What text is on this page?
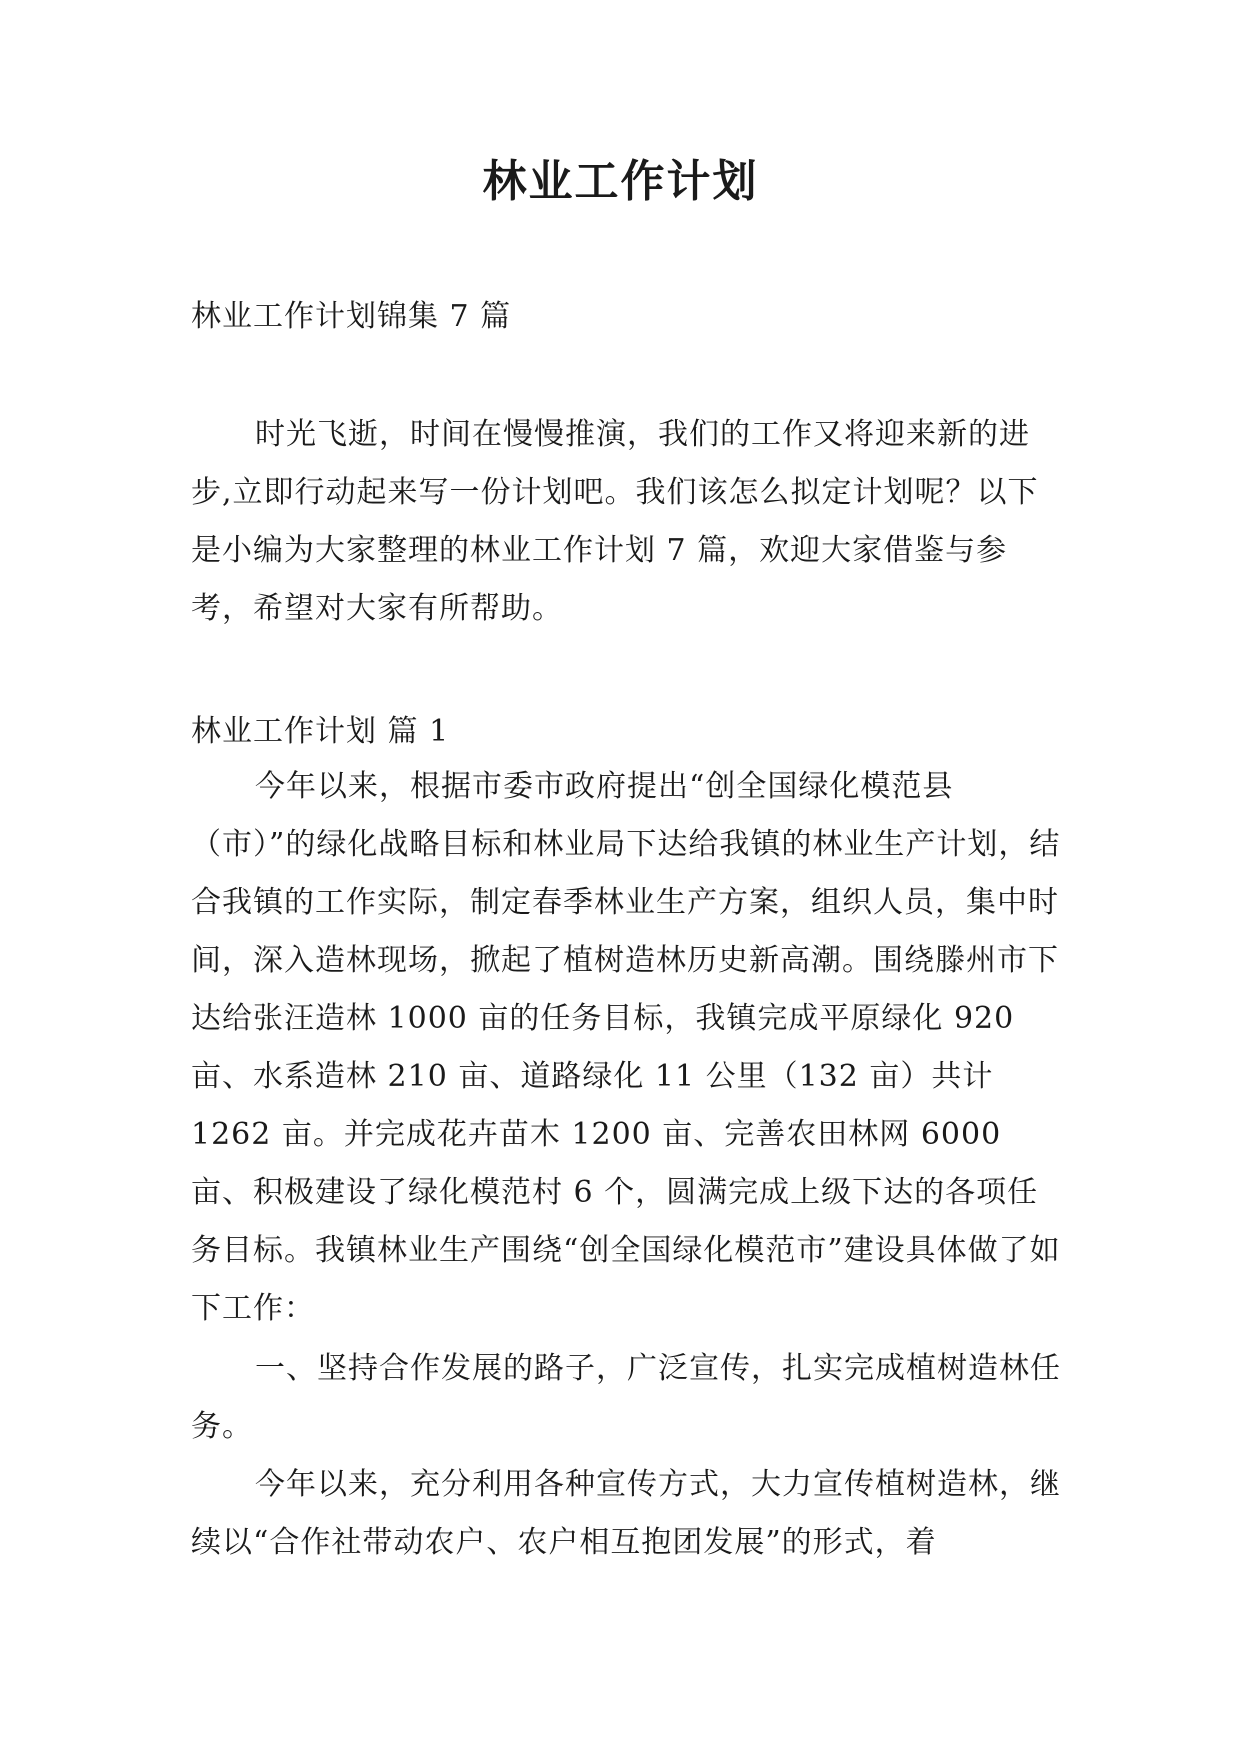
林业工作计划
林业工作计划锦集 7 篇
时光飞逝，时间在慢慢推演，我们的工作又将迎来新的进步,立即行动起来写一份计划吧。我们该怎么拟定计划呢？以下是小编为大家整理的林业工作计划 7 篇，欢迎大家借鉴与参考，希望对大家有所帮助。
林业工作计划 篇 1
今年以来，根据市委市政府提出“创全国绿化模范县（市）”的绿化战略目标和林业局下达给我镇的林业生产计划，结合我镇的工作实际，制定春季林业生产方案，组织人员，集中时间，深入造林现场，掀起了植树造林历史新高潮。围绕滕州市下达给张汪造林 1000 亩的任务目标，我镇完成平原绿化 920 亩、水系造林 210 亩、道路绿化 11 公里（132 亩）共计 1262 亩。并完成花卉苗木 1200 亩、完善农田林网 6000 亩、积极建设了绿化模范村 6 个，圆满完成上级下达的各项任务目标。我镇林业生产围绕“创全国绿化模范市”建设具体做了如下工作：
一、坚持合作发展的路子，广泛宣传，扎实完成植树造林任务。
今年以来，充分利用各种宣传方式，大力宣传植树造林，继续以“合作社带动农户、农户相互抱团发展”的形式，着
